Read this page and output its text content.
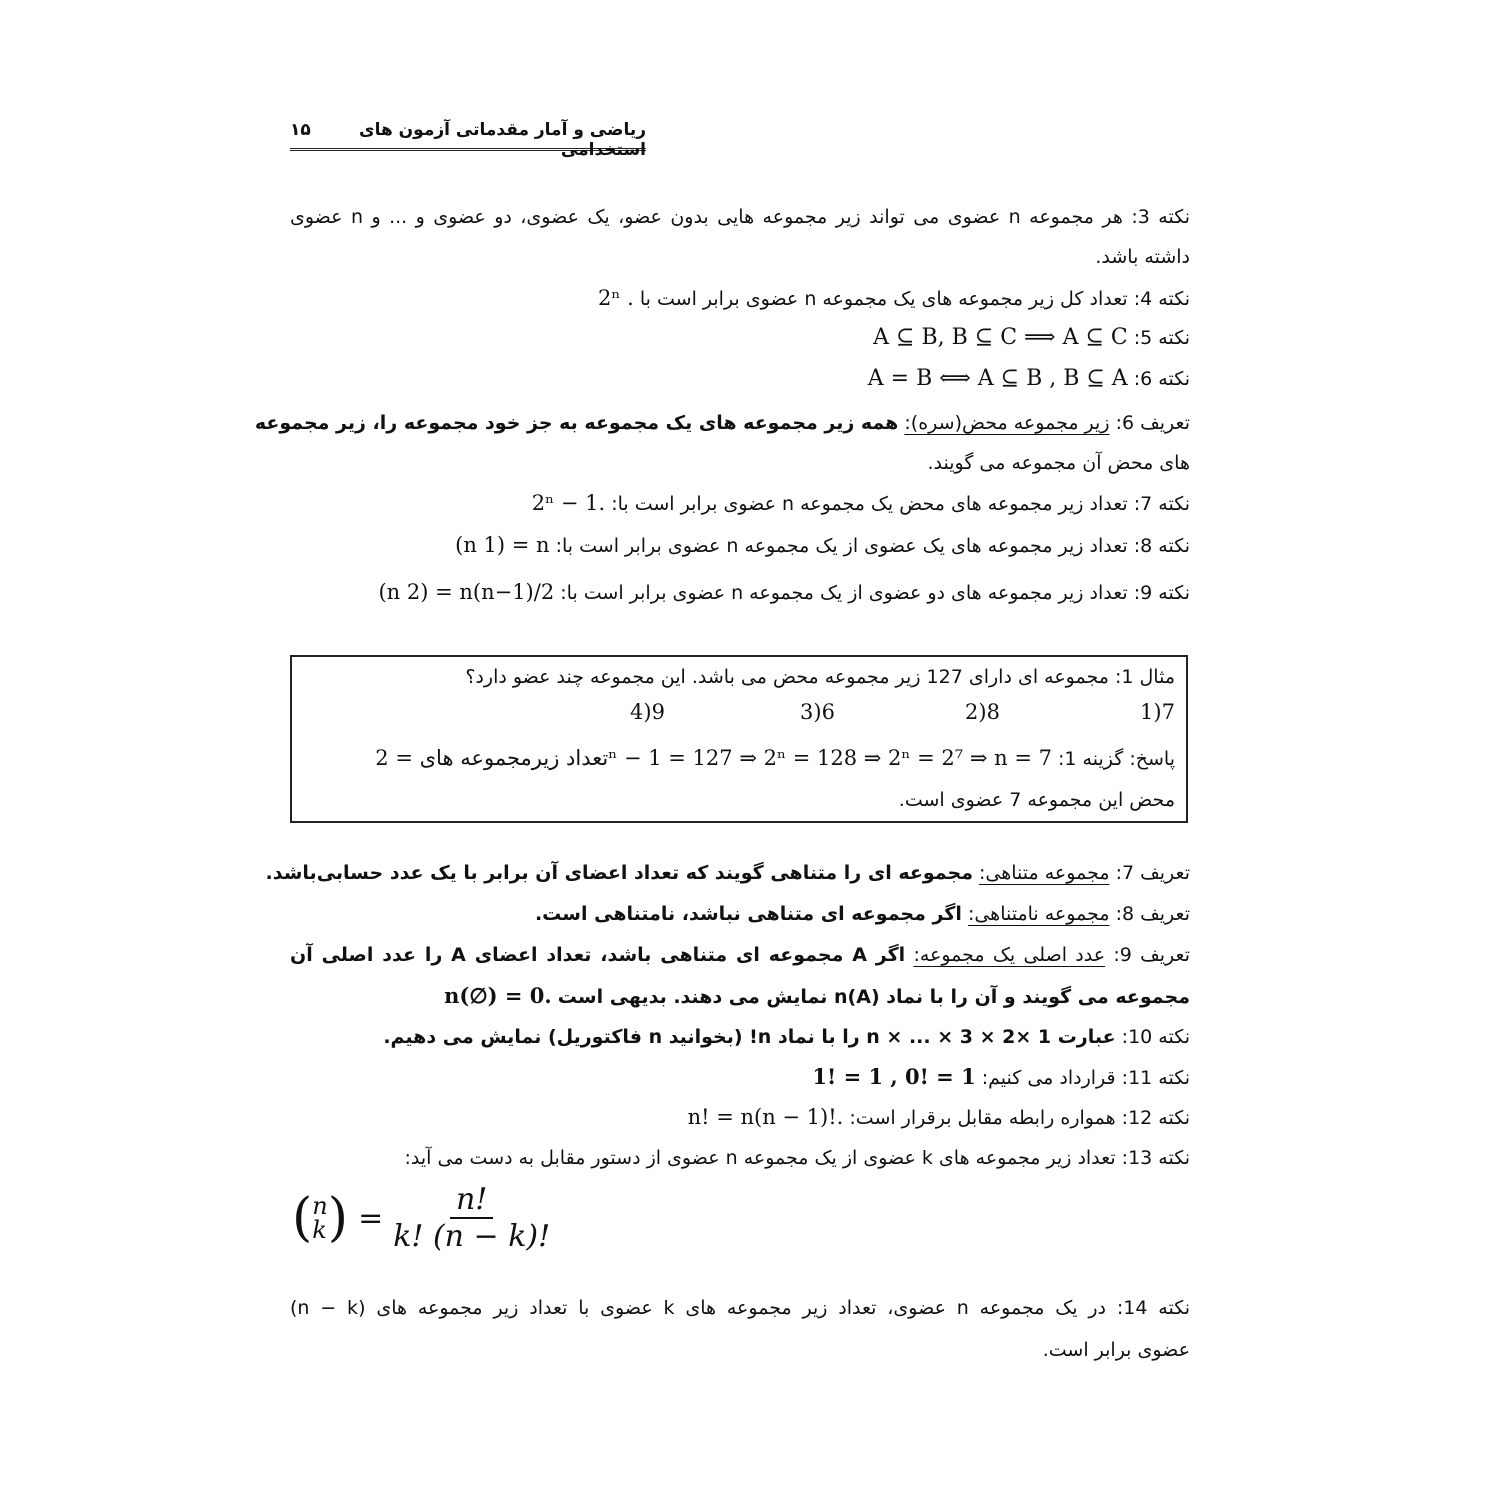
ریاضی و آمار مقدماتی آزمون های استخدامی
۱۵
نکته 3: هر مجموعه n عضوی می تواند زیر مجموعه هایی بدون عضو، یک عضوی، دو عضوی و ... و n عضوی
داشته باشد.
نکته 4: تعداد کل زیر مجموعه های یک مجموعه n عضوی برابر است با 2ⁿ .
نکته 5: A ⊆ B, B ⊆ C ⟹ A ⊆ C
نکته 6: A = B ⟺ A ⊆ B , B ⊆ A
تعریف 6: زیر مجموعه محض(سره): همه زیر مجموعه های یک مجموعه به جز خود مجموعه را، زیر مجموعه
های محض آن مجموعه می گویند.
نکته 7: تعداد زیر مجموعه های محض یک مجموعه n عضوی برابر است با: 2ⁿ − 1.
نکته 8: تعداد زیر مجموعه های یک عضوی از یک مجموعه n عضوی برابر است با: (n 1) = n
نکته 9: تعداد زیر مجموعه های دو عضوی از یک مجموعه n عضوی برابر است با: (n 2) = n(n−1)/2
مثال 1: مجموعه ای دارای 127 زیر مجموعه محض می باشد. این مجموعه چند عضو دارد؟
7(1
8(2
6(3
9(4
پاسخ: گزینه 1: تعداد زیرمجموعه های = 2ⁿ − 1 = 127 ⇒ 2ⁿ = 128 ⇒ 2ⁿ = 2⁷ ⇒ n = 7
محض این مجموعه 7 عضوی است.
تعریف 7: مجموعه متناهی: مجموعه ای را متناهی گویند که تعداد اعضای آن برابر با یک عدد حسابی‌باشد.
تعریف 8: مجموعه نامتناهی: اگر مجموعه ای متناهی نباشد، نامتناهی است.
تعریف 9: عدد اصلی یک مجموعه: اگر A مجموعه ای متناهی باشد، تعداد اعضای A را عدد اصلی آن
مجموعه می گویند و آن را با نماد n(A) نمایش می دهند. بدیهی است n(∅) = 0.
نکته 10: عبارت n × ... × 3 × 2× 1 را با نماد n! (بخوانید n فاکتوریل) نمایش می دهیم.
نکته 11: قرارداد می کنیم: 1! = 1 , 0! = 1
نکته 12: همواره رابطه مقابل برقرار است: n! = n(n − 1)!.
نکته 13: تعداد زیر مجموعه های k عضوی از یک مجموعه n عضوی از دستور مقابل به دست می آید:
( n
k ) = $\frac{n!}{k! (n - k)!}$
نکته 14: در یک مجموعه n عضوی، تعداد زیر مجموعه های k عضوی با تعداد زیر مجموعه های (n − k)
عضوی برابر است.
